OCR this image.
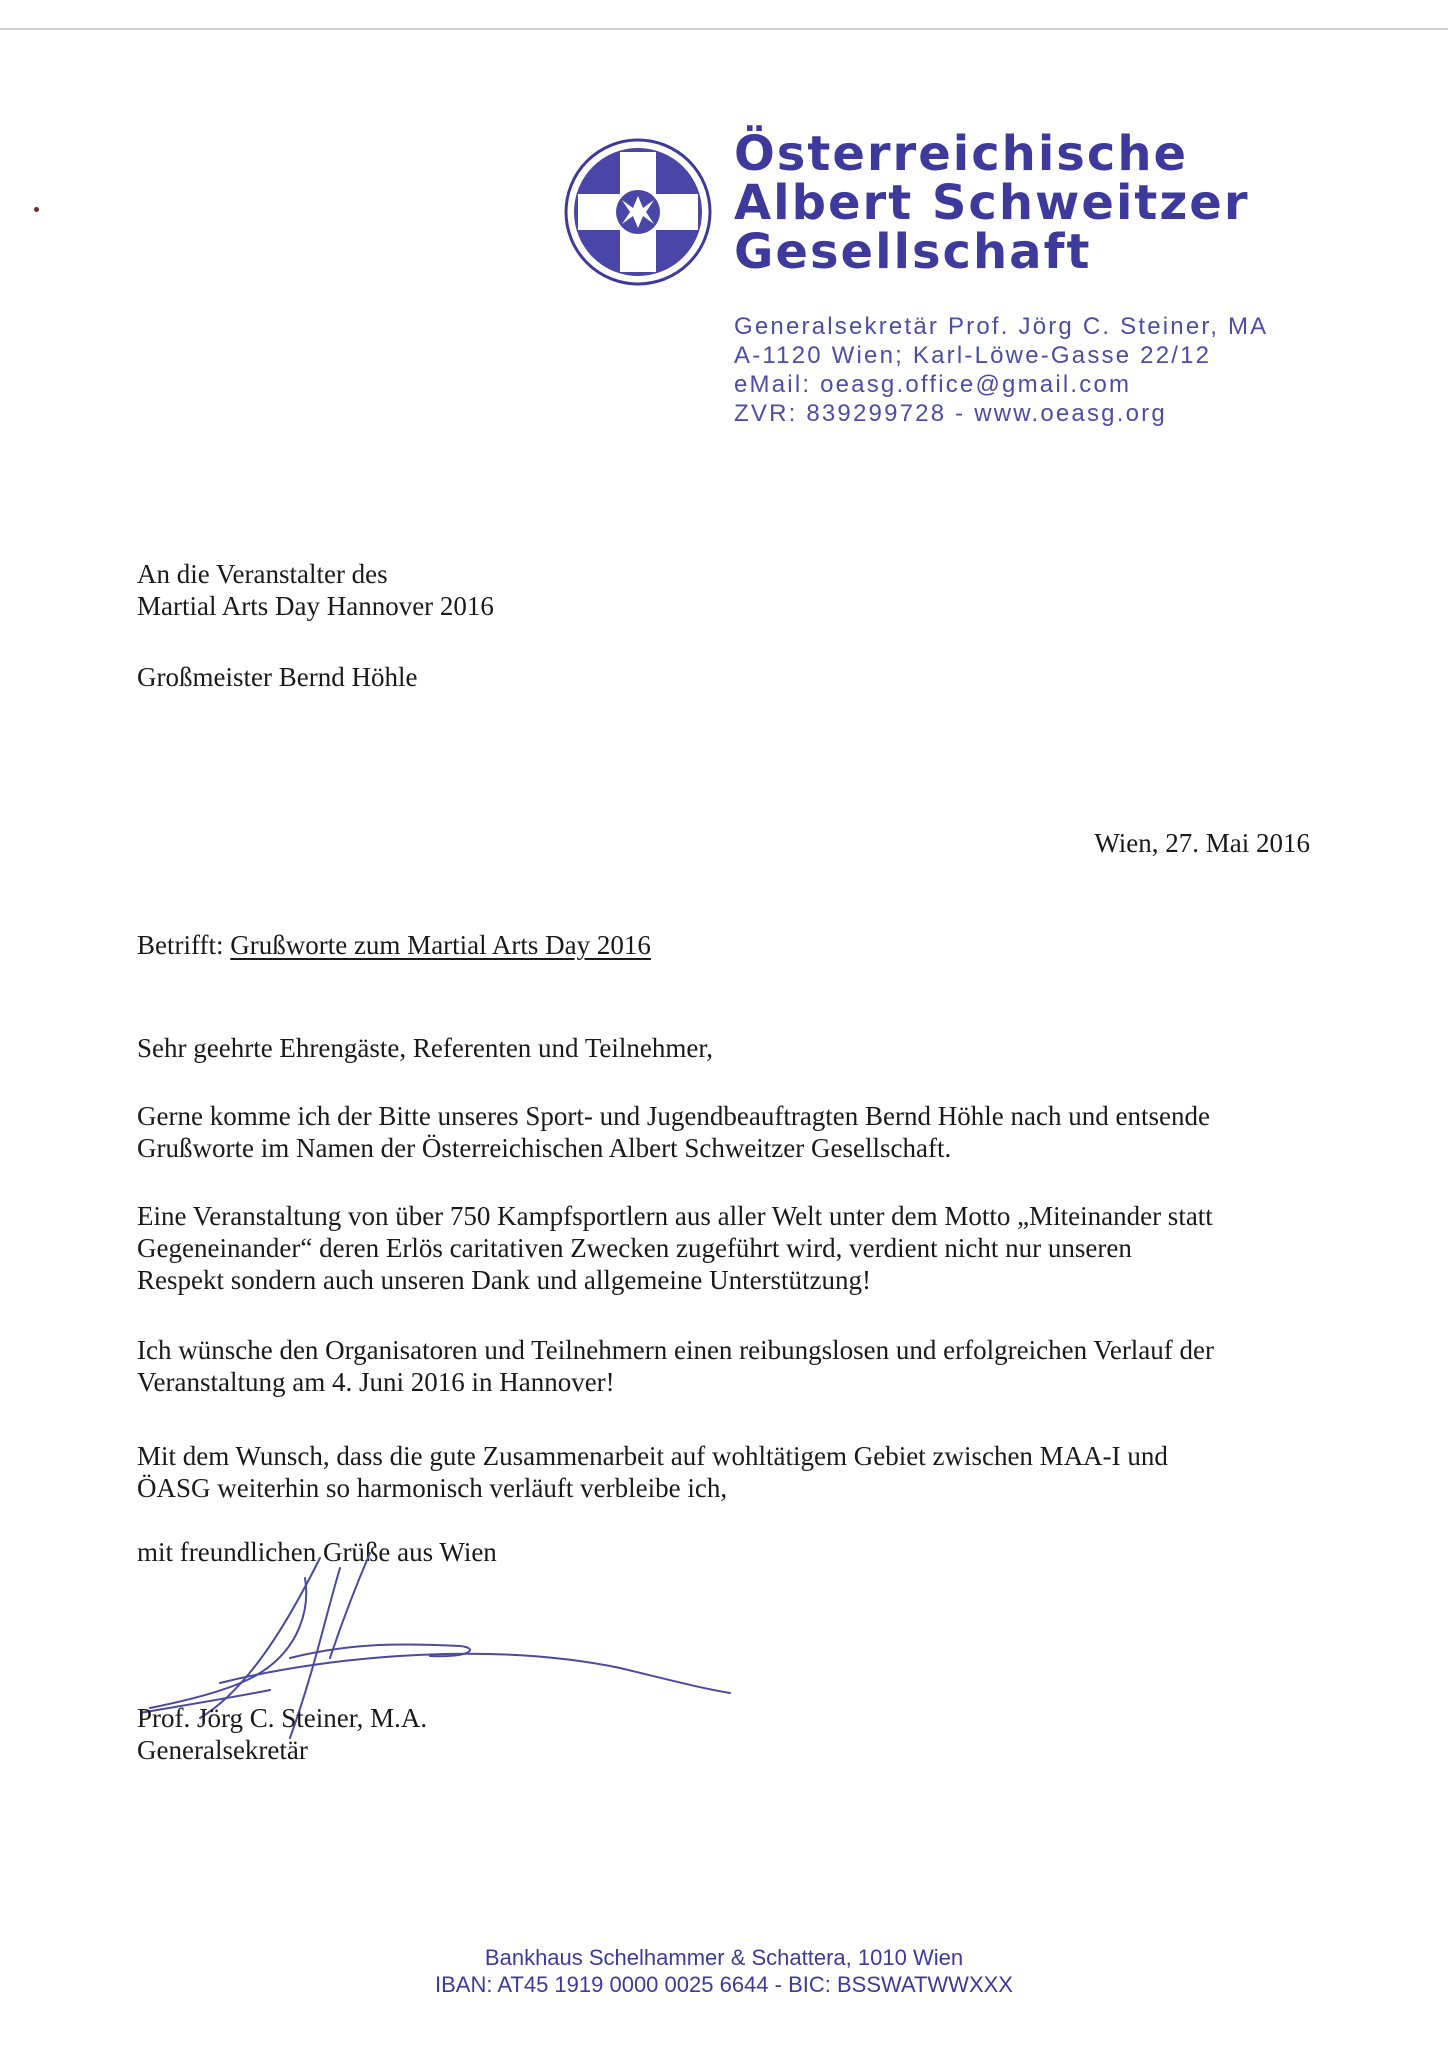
Österreichische
Albert Schweitzer
Gesellschaft
Generalsekretär Prof. Jörg C. Steiner, MA
A-1120 Wien; Karl-Löwe-Gasse 22/12
eMail: oeasg.office@gmail.com
ZVR: 839299728 - www.oeasg.org
An die Veranstalter des
Martial Arts Day Hannover 2016
Großmeister Bernd Höhle
Wien, 27. Mai 2016
Betrifft: Grußworte zum Martial Arts Day 2016
Sehr geehrte Ehrengäste, Referenten und Teilnehmer,
Gerne komme ich der Bitte unseres Sport- und Jugendbeauftragten Bernd Höhle nach und entsende
Grußworte im Namen der Österreichischen Albert Schweitzer Gesellschaft.
Eine Veranstaltung von über 750 Kampfsportlern aus aller Welt unter dem Motto „Miteinander statt
Gegeneinander“ deren Erlös caritativen Zwecken zugeführt wird, verdient nicht nur unseren
Respekt sondern auch unseren Dank und allgemeine Unterstützung!
Ich wünsche den Organisatoren und Teilnehmern einen reibungslosen und erfolgreichen Verlauf der
Veranstaltung am 4. Juni 2016 in Hannover!
Mit dem Wunsch, dass die gute Zusammenarbeit auf wohltätigem Gebiet zwischen MAA-I und
ÖASG weiterhin so harmonisch verläuft verbleibe ich,
mit freundlichen Grüße aus Wien
Prof. Jörg C. Steiner, M.A.
Generalsekretär
Bankhaus Schelhammer & Schattera, 1010 Wien
IBAN: AT45 1919 0000 0025 6644 - BIC: BSSWATWWXXX
